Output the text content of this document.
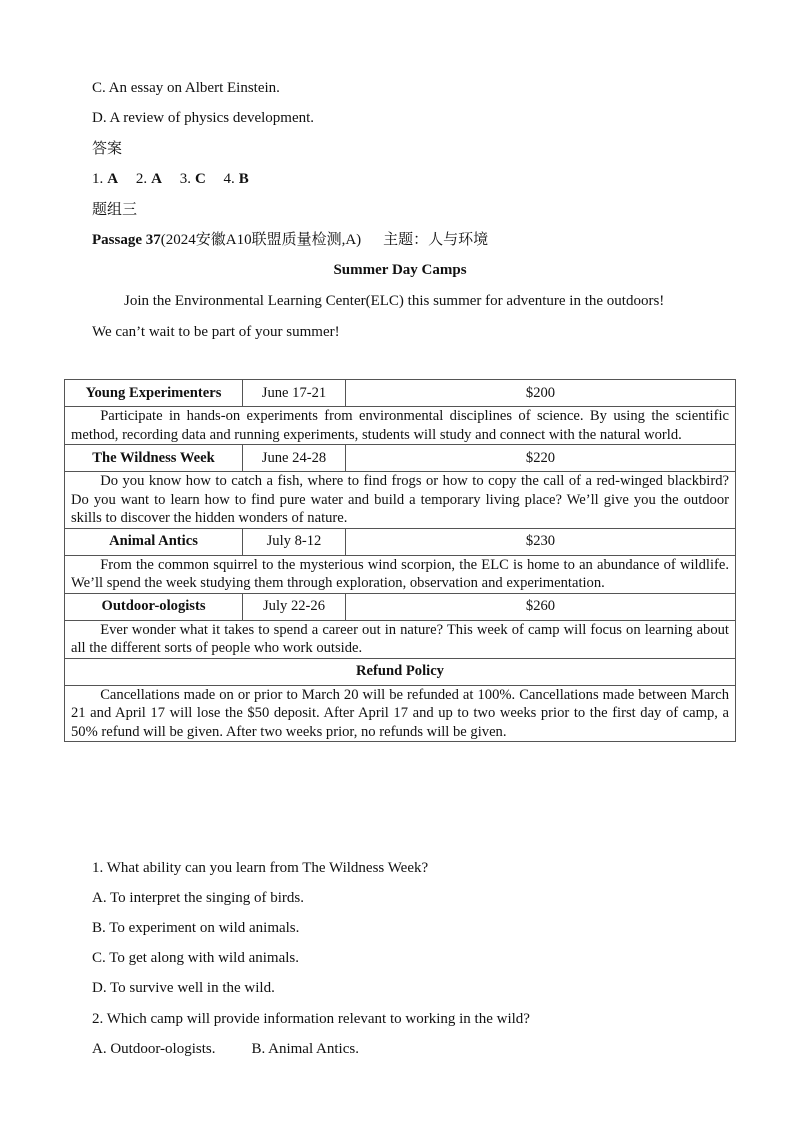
C. An essay on Albert Einstein.
D. A review of physics development.
答案
1. A 2. A 3. C 4. B
题组三
Passage 37(2024安徽A10联盟质量检测,A) 主题：人与环境
Summer Day Camps
Join the Environmental Learning Center(ELC) this summer for adventure in the outdoors!
We can’t wait to be part of your summer!
Young Experimenters	June 17-21	$200
Participate in hands-on experiments from environmental disciplines of science. By using the scientific method, recording data and running experiments, students will study and connect with the natural world.		
The Wildness Week	June 24-28	$220
Do you know how to catch a fish, where to find frogs or how to copy the call of a red-winged blackbird? Do you want to learn how to find pure water and build a temporary living place? We’ll give you the outdoor skills to discover the hidden wonders of nature.		
Animal Antics	July 8-12	$230
From the common squirrel to the mysterious wind scorpion, the ELC is home to an abundance of wildlife. We’ll spend the week studying them through exploration, observation and experimentation.		
Outdoor-ologists	July 22-26	$260
Ever wonder what it takes to spend a career out in nature? This week of camp will focus on learning about all the different sorts of people who work outside.		
Refund Policy		
Cancellations made on or prior to March 20 will be refunded at 100%. Cancellations made between March 21 and April 17 will lose the $50 deposit. After April 17 and up to two weeks prior to the first day of camp, a 50% refund will be given. After two weeks prior, no refunds will be given.		
1. What ability can you learn from The Wildness Week?
A. To interpret the singing of birds.
B. To experiment on wild animals.
C. To get along with wild animals.
D. To survive well in the wild.
2. Which camp will provide information relevant to working in the wild?
A. Outdoor-ologists. B. Animal Antics.
